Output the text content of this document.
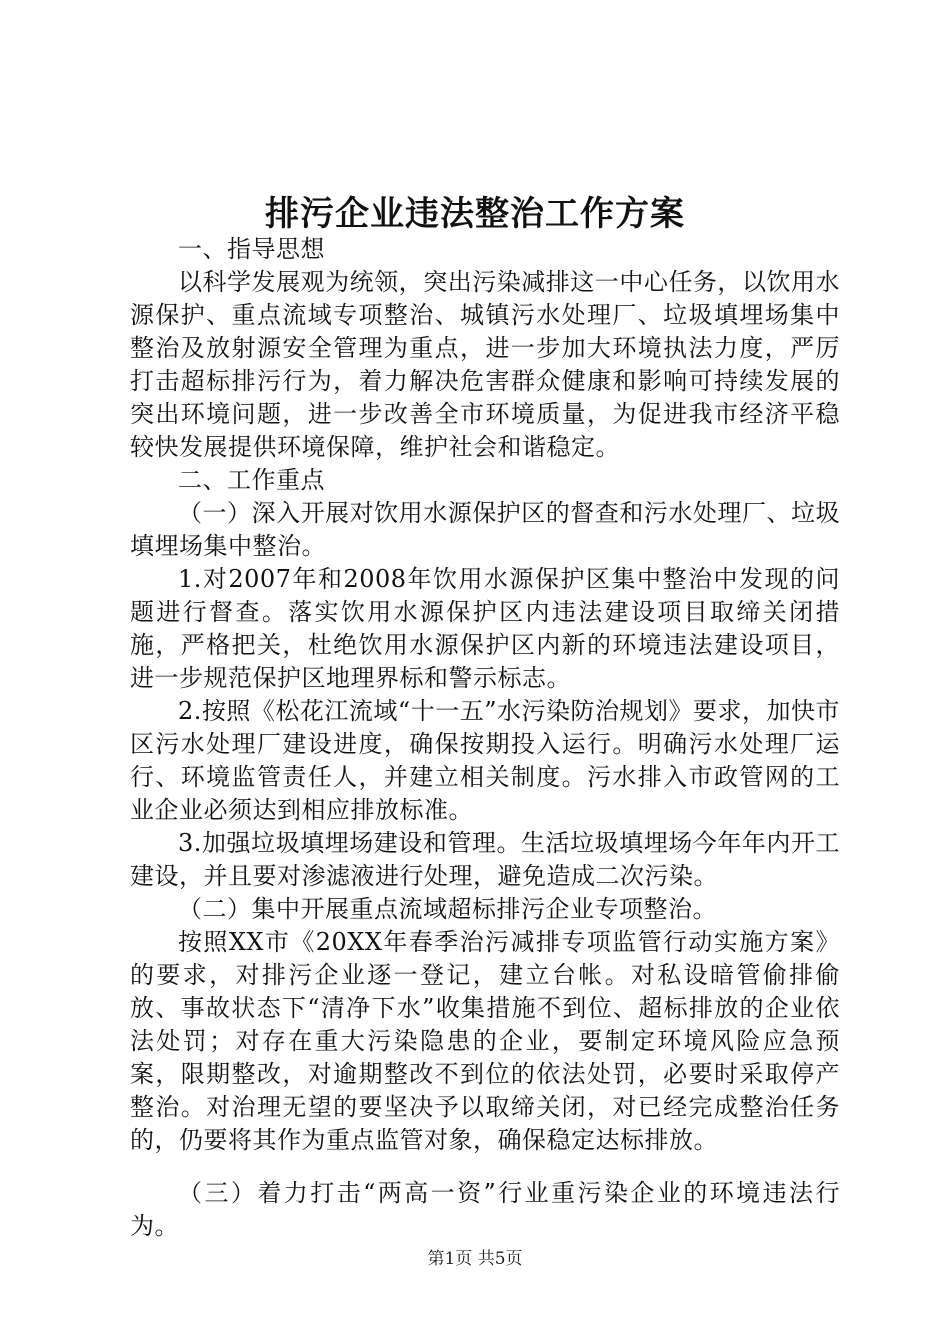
排污企业违法整治工作方案

一、指导思想

以科学发展观为统领，突出污染减排这一中心任务，以饮用水源保护、重点流域专项整治、城镇污水处理厂、垃圾填埋场集中整治及放射源安全管理为重点，进一步加大环境执法力度，严厉打击超标排污行为，着力解决危害群众健康和影响可持续发展的突出环境问题，进一步改善全市环境质量，为促进我市经济平稳较快发展提供环境保障，维护社会和谐稳定。

二、工作重点

（一）深入开展对饮用水源保护区的督查和污水处理厂、垃圾填埋场集中整治。

1.对2007年和2008年饮用水源保护区集中整治中发现的问题进行督查。落实饮用水源保护区内违法建设项目取缔关闭措施，严格把关，杜绝饮用水源保护区内新的环境违法建设项目，进一步规范保护区地理界标和警示标志。

2.按照《松花江流域“十一五”水污染防治规划》要求，加快市区污水处理厂建设进度，确保按期投入运行。明确污水处理厂运行、环境监管责任人，并建立相关制度。污水排入市政管网的工业企业必须达到相应排放标准。

3.加强垃圾填埋场建设和管理。生活垃圾填埋场今年年内开工建设，并且要对渗滤液进行处理，避免造成二次污染。

（二）集中开展重点流域超标排污企业专项整治。

按照XX市《20XX年春季治污减排专项监管行动实施方案》的要求，对排污企业逐一登记，建立台帐。对私设暗管偷排偷放、事故状态下“清净下水”收集措施不到位、超标排放的企业依法处罚；对存在重大污染隐患的企业，要制定环境风险应急预案，限期整改，对逾期整改不到位的依法处罚，必要时采取停产整治。对治理无望的要坚决予以取缔关闭，对已经完成整治任务的，仍要将其作为重点监管对象，确保稳定达标排放。

（三）着力打击“两高一资”行业重污染企业的环境违法行为。

第1页 共5页
